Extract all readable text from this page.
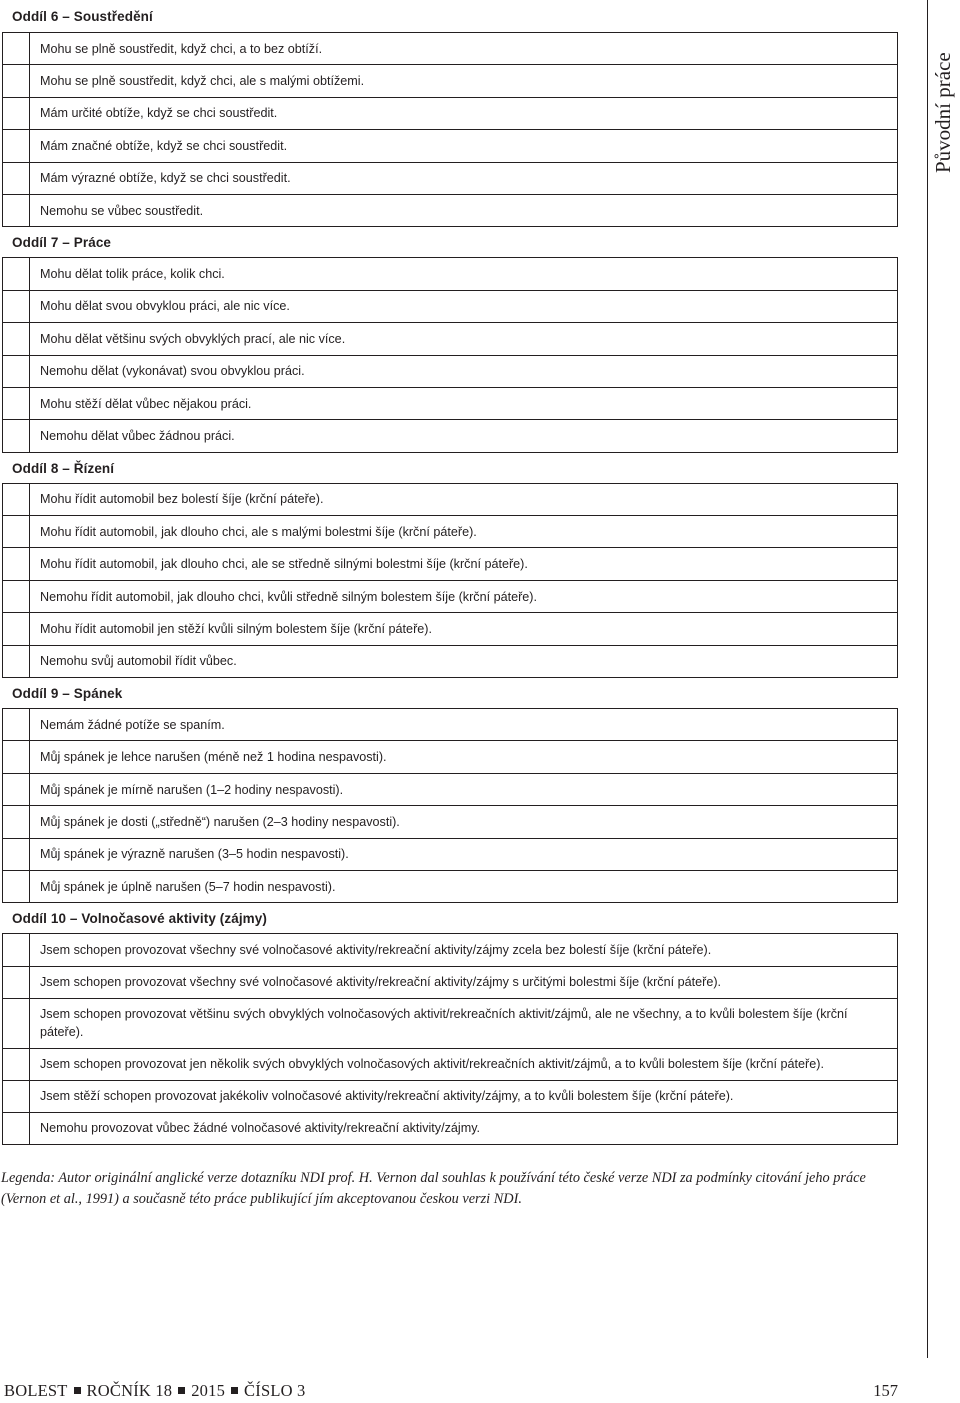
Oddíl 6 – Soustředění
	Mohu se plně soustředit, když chci, a to bez obtíží.
	Mohu se plně soustředit, když chci, ale s malými obtížemi.
	Mám určité obtíže, když se chci soustředit.
	Mám značné obtíže, když se chci soustředit.
	Mám výrazné obtíže, když se chci soustředit.
	Nemohu se vůbec soustředit.
Oddíl 7 – Práce
	Mohu dělat tolik práce, kolik chci.
	Mohu dělat svou obvyklou práci, ale nic více.
	Mohu dělat většinu svých obvyklých prací, ale nic více.
	Nemohu dělat (vykonávat) svou obvyklou práci.
	Mohu stěží dělat vůbec nějakou práci.
	Nemohu dělat vůbec žádnou práci.
Oddíl 8 – Řízení
	Mohu řídit automobil bez bolestí šíje (krční páteře).
	Mohu řídit automobil, jak dlouho chci, ale s malými bolestmi šíje (krční páteře).
	Mohu řídit automobil, jak dlouho chci, ale se středně silnými bolestmi šíje (krční páteře).
	Nemohu řídit automobil, jak dlouho chci, kvůli středně silným bolestem šíje (krční páteře).
	Mohu řídit automobil jen stěží kvůli silným bolestem šíje (krční páteře).
	Nemohu svůj automobil řídit vůbec.
Oddíl 9 – Spánek
	Nemám žádné potíže se spaním.
	Můj spánek je lehce narušen (méně než 1 hodina nespavosti).
	Můj spánek je mírně narušen (1–2 hodiny nespavosti).
	Můj spánek je dosti („středně“) narušen (2–3 hodiny nespavosti).
	Můj spánek je výrazně narušen (3–5 hodin nespavosti).
	Můj spánek je úplně narušen (5–7 hodin nespavosti).
Oddíl 10 – Volnočasové aktivity (zájmy)
	Jsem schopen provozovat všechny své volnočasové aktivity/rekreační aktivity/zájmy zcela bez bolestí šíje (krční páteře).
	Jsem schopen provozovat všechny své volnočasové aktivity/rekreační aktivity/zájmy s určitými bolestmi šíje (krční páteře).
	Jsem schopen provozovat většinu svých obvyklých volnočasových aktivit/rekreačních aktivit/zájmů, ale ne všechny, a to kvůli bolestem šíje (krční páteře).
	Jsem schopen provozovat jen několik svých obvyklých volnočasových aktivit/rekreačních aktivit/zájmů, a to kvůli bolestem šíje (krční páteře).
	Jsem stěží schopen provozovat jakékoliv volnočasové aktivity/rekreační aktivity/zájmy, a to kvůli bolestem šíje (krční páteře).
	Nemohu provozovat vůbec žádné volnočasové aktivity/rekreační aktivity/zájmy.
Původní práce
Legenda: Autor originální anglické verze dotazníku NDI prof. H. Vernon dal souhlas k používání této české verze NDI za podmínky citování jeho práce (Vernon et al., 1991) a současně této práce publikující jím akceptovanou českou verzi NDI.
BOLEST ROČNÍK 18 2015 ČÍSLO 3	157
